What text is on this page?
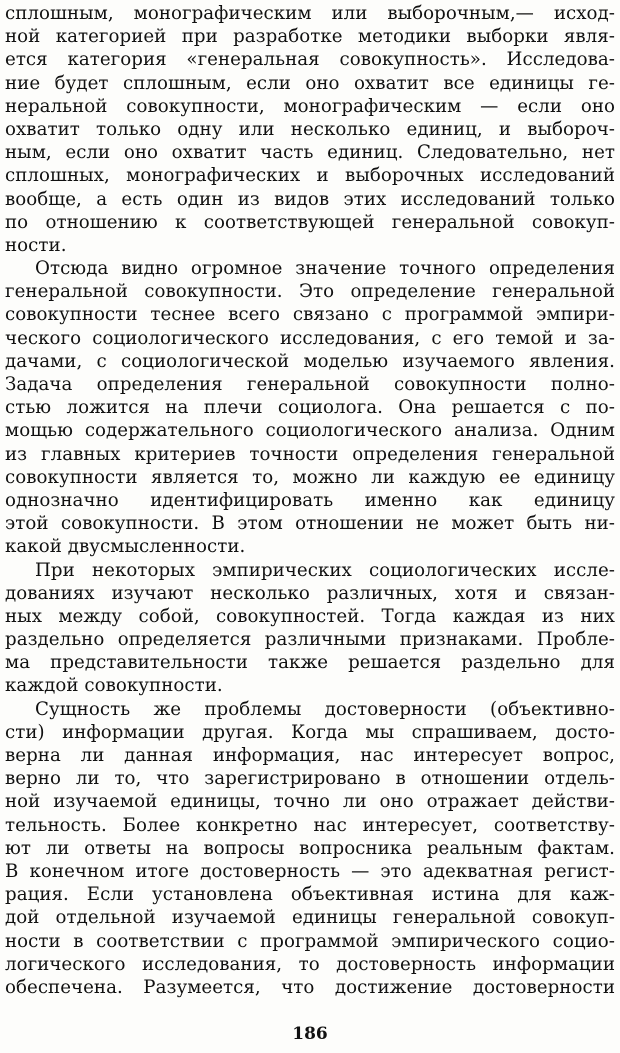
сплошным, монографическим или выборочным,— исход-
ной категорией при разработке методики выборки явля-
ется категория «генеральная совокупность». Исследова-
ние будет сплошным, если оно охватит все единицы ге-
неральной совокупности, монографическим — если оно
охватит только одну или несколько единиц, и выбороч-
ным, если оно охватит часть единиц. Следовательно, нет
сплошных, монографических и выборочных исследований
вообще, а есть один из видов этих исследований только
по отношению к соответствующей генеральной совокуп-
ности.
Отсюда видно огромное значение точного определения
генеральной совокупности. Это определение генеральной
совокупности теснее всего связано с программой эмпири-
ческого социологического исследования, с его темой и за-
дачами, с социологической моделью изучаемого явления.
Задача определения генеральной совокупности полно-
стью ложится на плечи социолога. Она решается с по-
мощью содержательного социологического анализа. Одним
из главных критериев точности определения генеральной
совокупности является то, можно ли каждую ее единицу
однозначно идентифицировать именно как единицу
этой совокупности. В этом отношении не может быть ни-
какой двусмысленности.
При некоторых эмпирических социологических иссле-
дованиях изучают несколько различных, хотя и связан-
ных между собой, совокупностей. Тогда каждая из них
раздельно определяется различными признаками. Пробле-
ма представительности также решается раздельно для
каждой совокупности.
Сущность же проблемы достоверности (объективно-
сти) информации другая. Когда мы спрашиваем, досто-
верна ли данная информация, нас интересует вопрос,
верно ли то, что зарегистрировано в отношении отдель-
ной изучаемой единицы, точно ли оно отражает действи-
тельность. Более конкретно нас интересует, соответству-
ют ли ответы на вопросы вопросника реальным фактам.
В конечном итоге достоверность — это адекватная регист-
рация. Если установлена объективная истина для каж-
дой отдельной изучаемой единицы генеральной совокуп-
ности в соответствии с программой эмпирического социо-
логического исследования, то достоверность информации
обеспечена. Разумеется, что достижение достоверности
186
